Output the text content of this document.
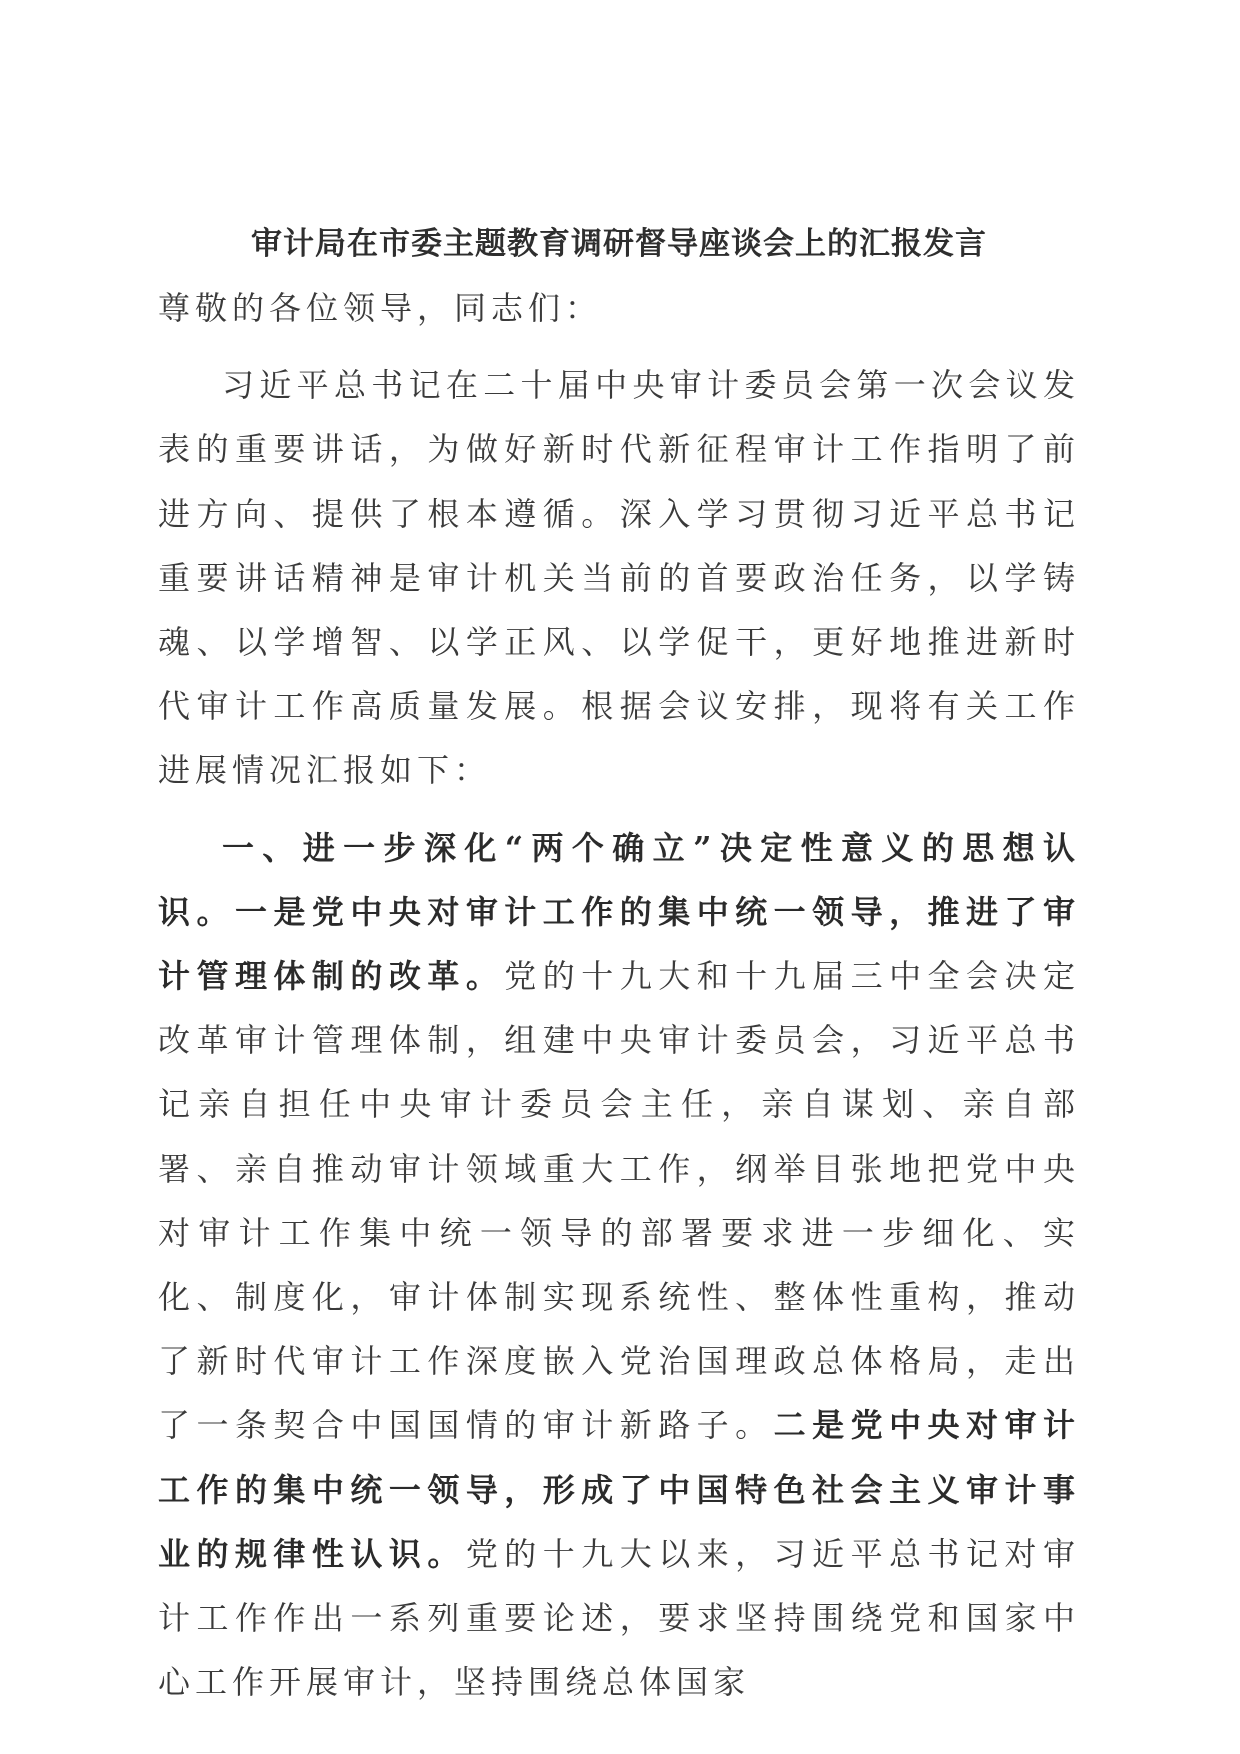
审计局在市委主题教育调研督导座谈会上的汇报发言

尊敬的各位领导，同志们：

习近平总书记在二十届中央审计委员会第一次会议发表的重要讲话，为做好新时代新征程审计工作指明了前进方向、提供了根本遵循。深入学习贯彻习近平总书记重要讲话精神是审计机关当前的首要政治任务，以学铸魂、以学增智、以学正风、以学促干，更好地推进新时代审计工作高质量发展。根据会议安排，现将有关工作进展情况汇报如下：

一、进一步深化“两个确立”决定性意义的思想认识。一是党中央对审计工作的集中统一领导，推进了审计管理体制的改革。党的十九大和十九届三中全会决定改革审计管理体制，组建中央审计委员会，习近平总书记亲自担任中央审计委员会主任，亲自谋划、亲自部署、亲自推动审计领域重大工作，纲举目张地把党中央对审计工作集中统一领导的部署要求进一步细化、实化、制度化，审计体制实现系统性、整体性重构，推动了新时代审计工作深度嵌入党治国理政总体格局，走出了一条契合中国国情的审计新路子。二是党中央对审计工作的集中统一领导，形成了中国特色社会主义审计事业的规律性认识。党的十九大以来，习近平总书记对审计工作作出一系列重要论述，要求坚持围绕党和国家中心工作开展审计，坚持围绕总体国家
